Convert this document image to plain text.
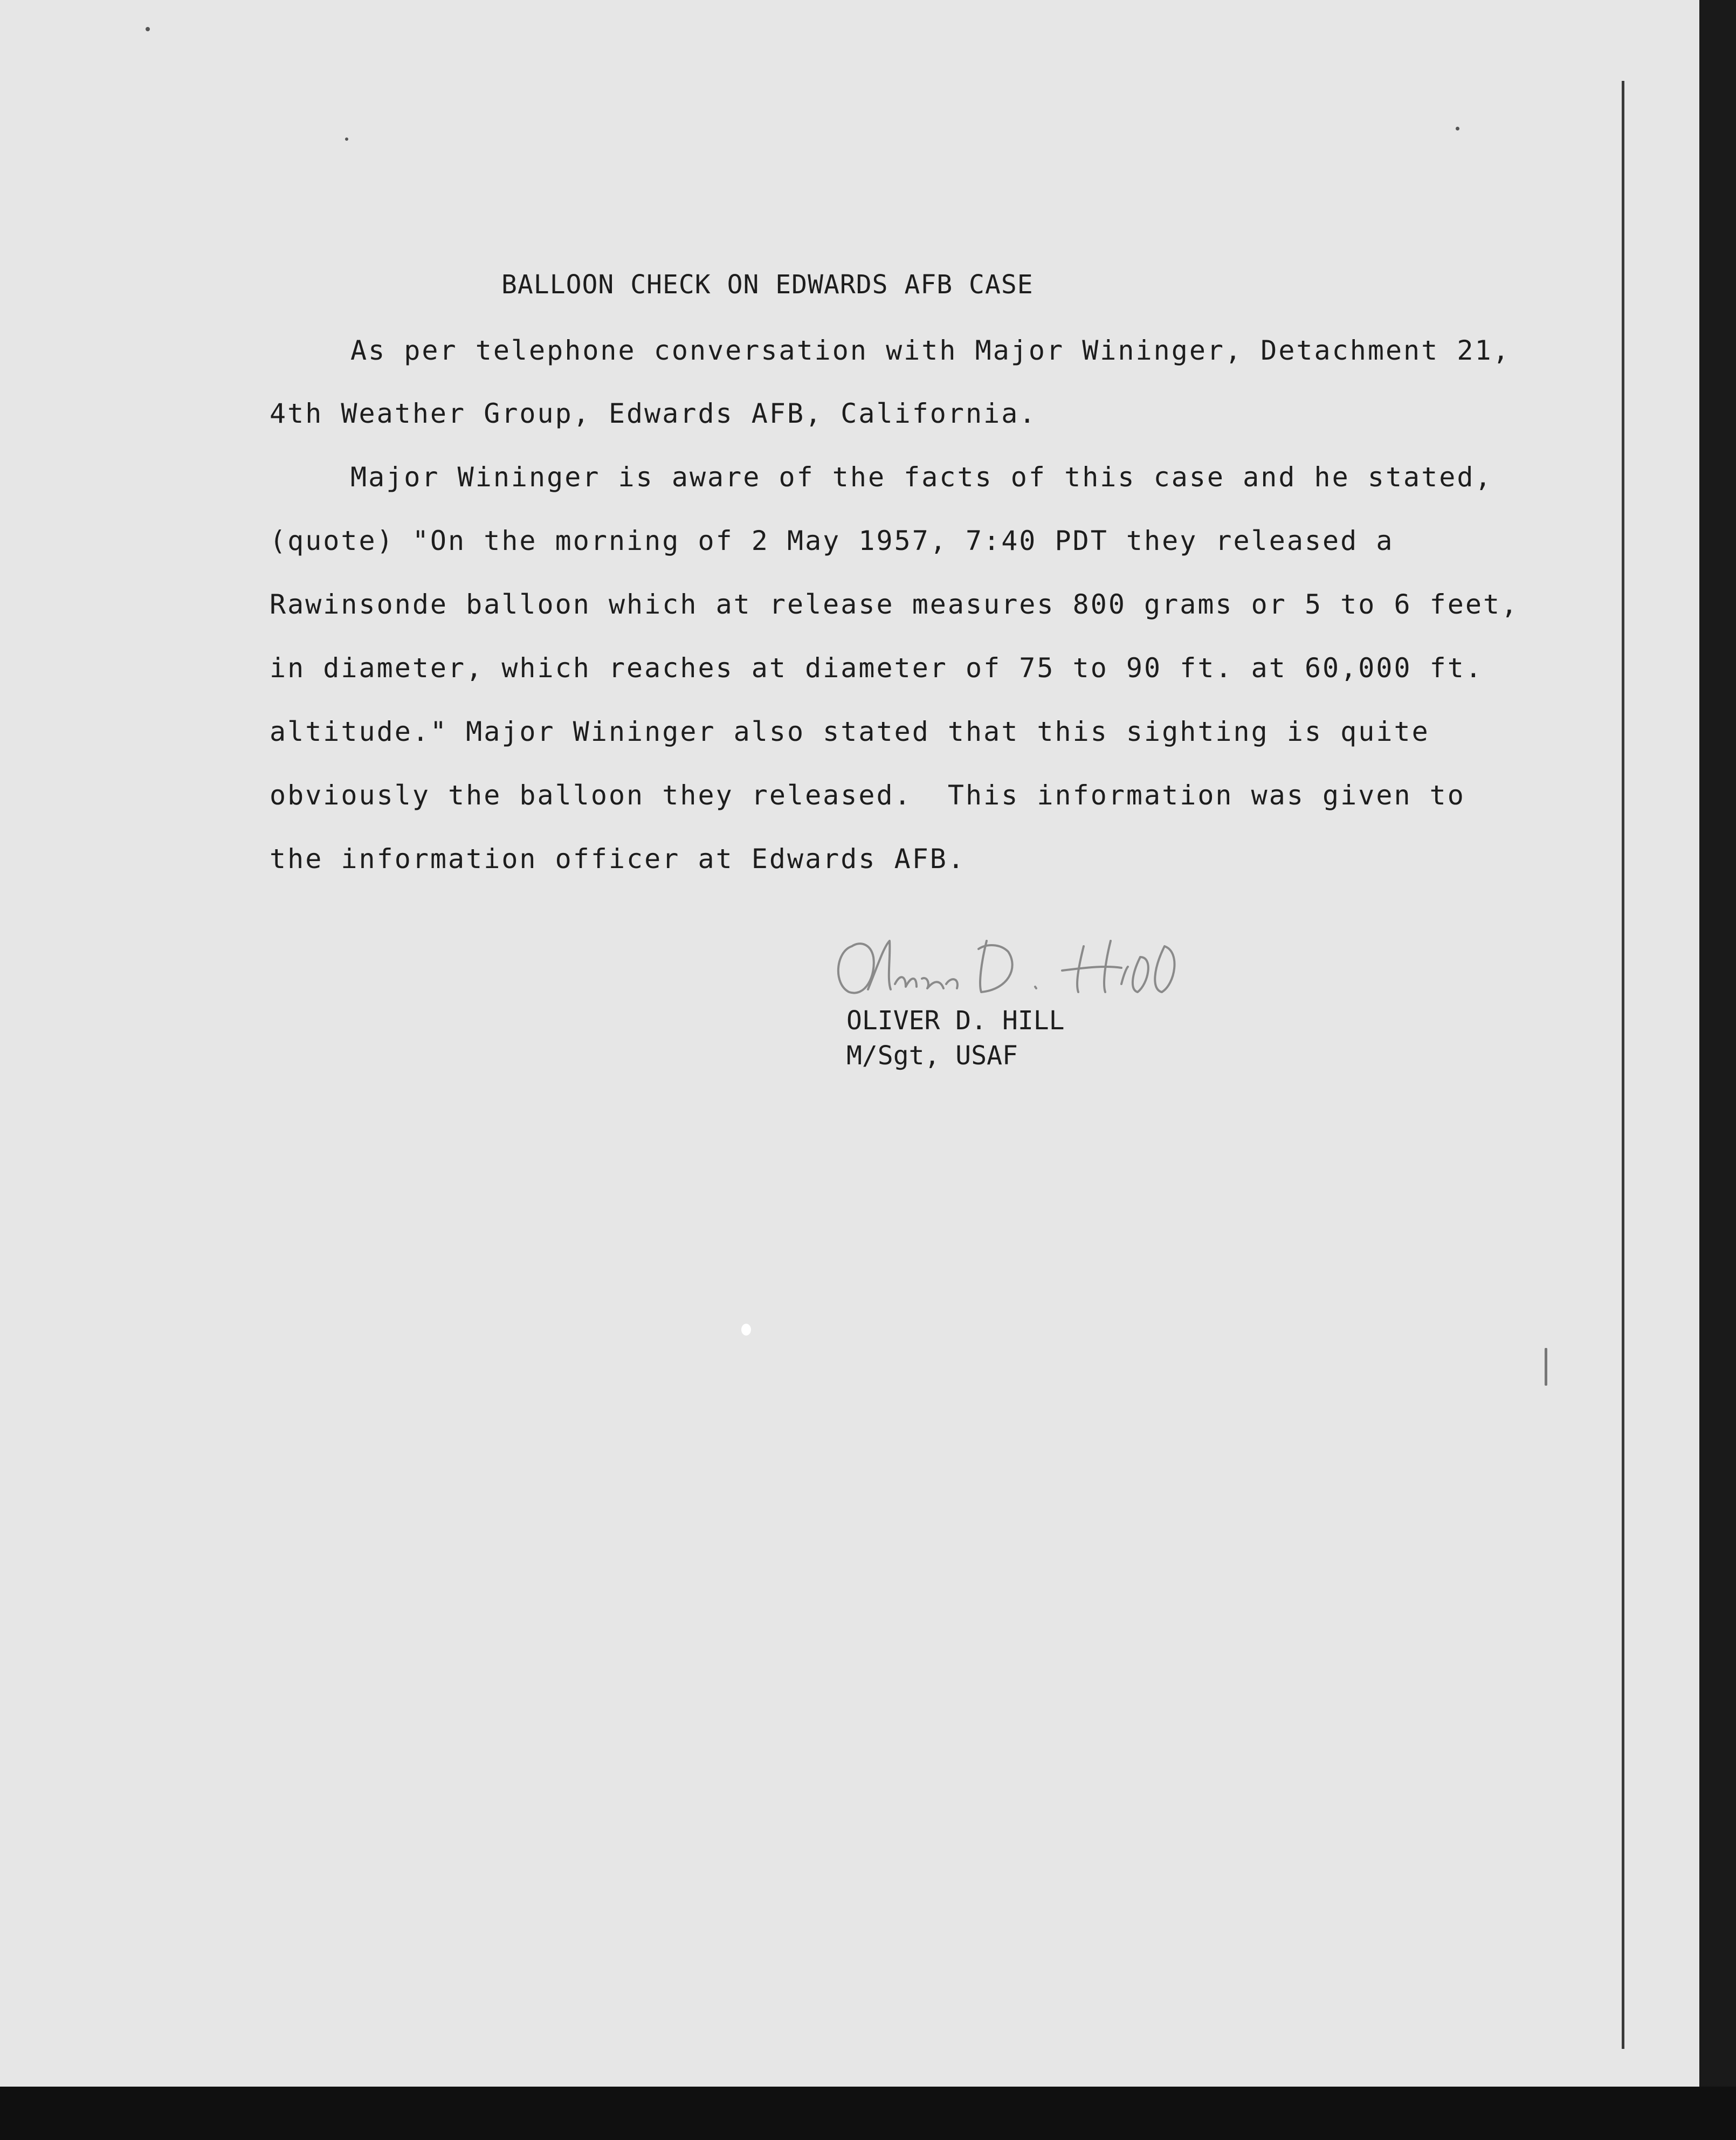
BALLOON CHECK ON EDWARDS AFB CASE
As per telephone conversation with Major Wininger, Detachment 21,
4th Weather Group, Edwards AFB, California.
Major Wininger is aware of the facts of this case and he stated,
(quote) "On the morning of 2 May 1957, 7:40 PDT they released a
Rawinsonde balloon which at release measures 800 grams or 5 to 6 feet,
in diameter, which reaches at diameter of 75 to 90 ft. at 60,000 ft.
altitude." Major Wininger also stated that this sighting is quite
obviously the balloon they released.  This information was given to
the information officer at Edwards AFB.
OLIVER D. HILL
M/Sgt, USAF
